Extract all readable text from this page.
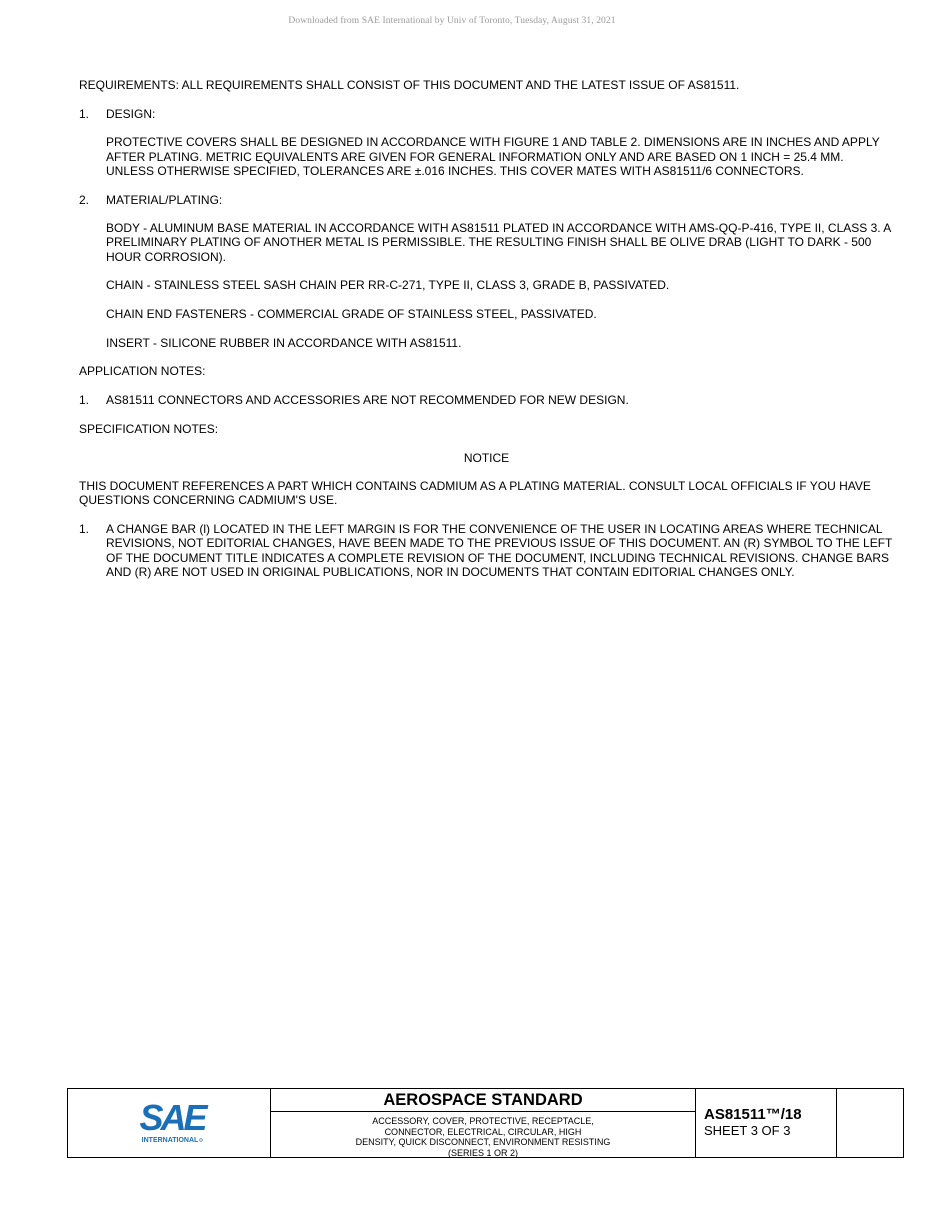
Downloaded from SAE International by Univ of Toronto, Tuesday, August 31, 2021
REQUIREMENTS: ALL REQUIREMENTS SHALL CONSIST OF THIS DOCUMENT AND THE LATEST ISSUE OF AS81511.
1.	DESIGN:
PROTECTIVE COVERS SHALL BE DESIGNED IN ACCORDANCE WITH FIGURE 1 AND TABLE 2. DIMENSIONS ARE IN INCHES AND APPLY AFTER PLATING. METRIC EQUIVALENTS ARE GIVEN FOR GENERAL INFORMATION ONLY AND ARE BASED ON 1 INCH = 25.4 MM. UNLESS OTHERWISE SPECIFIED, TOLERANCES ARE ±.016 INCHES. THIS COVER MATES WITH AS81511/6 CONNECTORS.
2.	MATERIAL/PLATING:
BODY - ALUMINUM BASE MATERIAL IN ACCORDANCE WITH AS81511 PLATED IN ACCORDANCE WITH AMS-QQ-P-416, TYPE II, CLASS 3. A PRELIMINARY PLATING OF ANOTHER METAL IS PERMISSIBLE. THE RESULTING FINISH SHALL BE OLIVE DRAB (LIGHT TO DARK - 500 HOUR CORROSION).
CHAIN - STAINLESS STEEL SASH CHAIN PER RR-C-271, TYPE II, CLASS 3, GRADE B, PASSIVATED.
CHAIN END FASTENERS - COMMERCIAL GRADE OF STAINLESS STEEL, PASSIVATED.
INSERT - SILICONE RUBBER IN ACCORDANCE WITH AS81511.
APPLICATION NOTES:
1.	AS81511 CONNECTORS AND ACCESSORIES ARE NOT RECOMMENDED FOR NEW DESIGN.
SPECIFICATION NOTES:
NOTICE
THIS DOCUMENT REFERENCES A PART WHICH CONTAINS CADMIUM AS A PLATING MATERIAL. CONSULT LOCAL OFFICIALS IF YOU HAVE QUESTIONS CONCERNING CADMIUM'S USE.
1.	A CHANGE BAR (l) LOCATED IN THE LEFT MARGIN IS FOR THE CONVENIENCE OF THE USER IN LOCATING AREAS WHERE TECHNICAL REVISIONS, NOT EDITORIAL CHANGES, HAVE BEEN MADE TO THE PREVIOUS ISSUE OF THIS DOCUMENT. AN (R) SYMBOL TO THE LEFT OF THE DOCUMENT TITLE INDICATES A COMPLETE REVISION OF THE DOCUMENT, INCLUDING TECHNICAL REVISIONS. CHANGE BARS AND (R) ARE NOT USED IN ORIGINAL PUBLICATIONS, NOR IN DOCUMENTS THAT CONTAIN EDITORIAL CHANGES ONLY.
SAE
INTERNATIONAL
AEROSPACE STANDARD
ACCESSORY, COVER, PROTECTIVE, RECEPTACLE,
CONNECTOR, ELECTRICAL, CIRCULAR, HIGH
DENSITY, QUICK DISCONNECT, ENVIRONMENT RESISTING
(SERIES 1 OR 2)
AS81511™/18
SHEET 3 OF 3
